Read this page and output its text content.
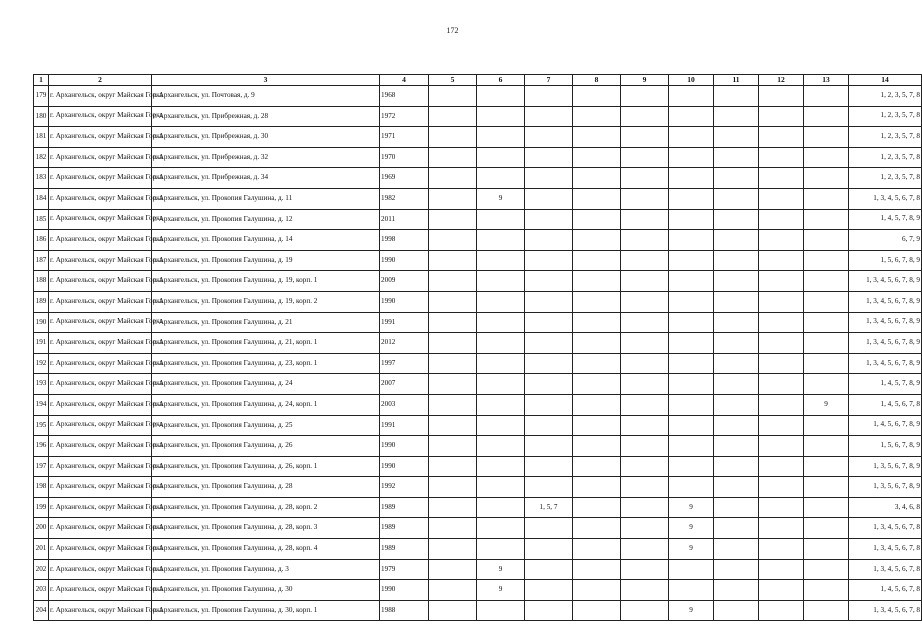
172
1	2	3	4	5	6	7	8	9	10	11	12	13	14
179	г. Архангельск, округ Майская Горка	г. Архангельск, ул. Почтовая, д. 9	1968										1, 2, 3, 5, 7, 8
180	г. Архангельск, округ Майская Горка	г. Архангельск, ул. Прибрежная, д. 28	1972										1, 2, 3, 5, 7, 8
181	г. Архангельск, округ Майская Горка	г. Архангельск, ул. Прибрежная, д. 30	1971										1, 2, 3, 5, 7, 8
182	г. Архангельск, округ Майская Горка	г. Архангельск, ул. Прибрежная, д. 32	1970										1, 2, 3, 5, 7, 8
183	г. Архангельск, округ Майская Горка	г. Архангельск, ул. Прибрежная, д. 34	1969										1, 2, 3, 5, 7, 8
184	г. Архангельск, округ Майская Горка	г. Архангельск, ул. Прокопия Галушина, д. 11	1982		9								1, 3, 4, 5, 6, 7, 8
185	г. Архангельск, округ Майская Горка	г. Архангельск, ул. Прокопия Галушина, д. 12	2011										1, 4, 5, 7, 8, 9
186	г. Архангельск, округ Майская Горка	г. Архангельск, ул. Прокопия Галушина, д. 14	1998										6, 7, 9
187	г. Архангельск, округ Майская Горка	г. Архангельск, ул. Прокопия Галушина, д. 19	1990										1, 5, 6, 7, 8, 9
188	г. Архангельск, округ Майская Горка	г. Архангельск, ул. Прокопия Галушина, д. 19, корп. 1	2009										1, 3, 4, 5, 6, 7, 8, 9
189	г. Архангельск, округ Майская Горка	г. Архангельск, ул. Прокопия Галушина, д. 19, корп. 2	1990										1, 3, 4, 5, 6, 7, 8, 9
190	г. Архангельск, округ Майская Горка	г. Архангельск, ул. Прокопия Галушина, д. 21	1991										1, 3, 4, 5, 6, 7, 8, 9
191	г. Архангельск, округ Майская Горка	г. Архангельск, ул. Прокопия Галушина, д. 21, корп. 1	2012										1, 3, 4, 5, 6, 7, 8, 9
192	г. Архангельск, округ Майская Горка	г. Архангельск, ул. Прокопия Галушина, д. 23, корп. 1	1997										1, 3, 4, 5, 6, 7, 8, 9
193	г. Архангельск, округ Майская Горка	г. Архангельск, ул. Прокопия Галушина, д. 24	2007										1, 4, 5, 7, 8, 9
194	г. Архангельск, округ Майская Горка	г. Архангельск, ул. Прокопия Галушина, д. 24, корп. 1	2003									9	1, 4, 5, 6, 7, 8
195	г. Архангельск, округ Майская Горка	г. Архангельск, ул. Прокопия Галушина, д. 25	1991										1, 4, 5, 6, 7, 8, 9
196	г. Архангельск, округ Майская Горка	г. Архангельск, ул. Прокопия Галушина, д. 26	1990										1, 5, 6, 7, 8, 9
197	г. Архангельск, округ Майская Горка	г. Архангельск, ул. Прокопия Галушина, д. 26, корп. 1	1990										1, 3, 5, 6, 7, 8, 9
198	г. Архангельск, округ Майская Горка	г. Архангельск, ул. Прокопия Галушина, д. 28	1992										1, 3, 5, 6, 7, 8, 9
199	г. Архангельск, округ Майская Горка	г. Архангельск, ул. Прокопия Галушина, д. 28, корп. 2	1989			1, 5, 7			9				3, 4, 6, 8
200	г. Архангельск, округ Майская Горка	г. Архангельск, ул. Прокопия Галушина, д. 28, корп. 3	1989						9				1, 3, 4, 5, 6, 7, 8
201	г. Архангельск, округ Майская Горка	г. Архангельск, ул. Прокопия Галушина, д. 28, корп. 4	1989						9				1, 3, 4, 5, 6, 7, 8
202	г. Архангельск, округ Майская Горка	г. Архангельск, ул. Прокопия Галушина, д. 3	1979		9								1, 3, 4, 5, 6, 7, 8
203	г. Архангельск, округ Майская Горка	г. Архангельск, ул. Прокопия Галушина, д. 30	1990		9								1, 4, 5, 6, 7, 8
204	г. Архангельск, округ Майская Горка	г. Архангельск, ул. Прокопия Галушина, д. 30, корп. 1	1988						9				1, 3, 4, 5, 6, 7, 8
